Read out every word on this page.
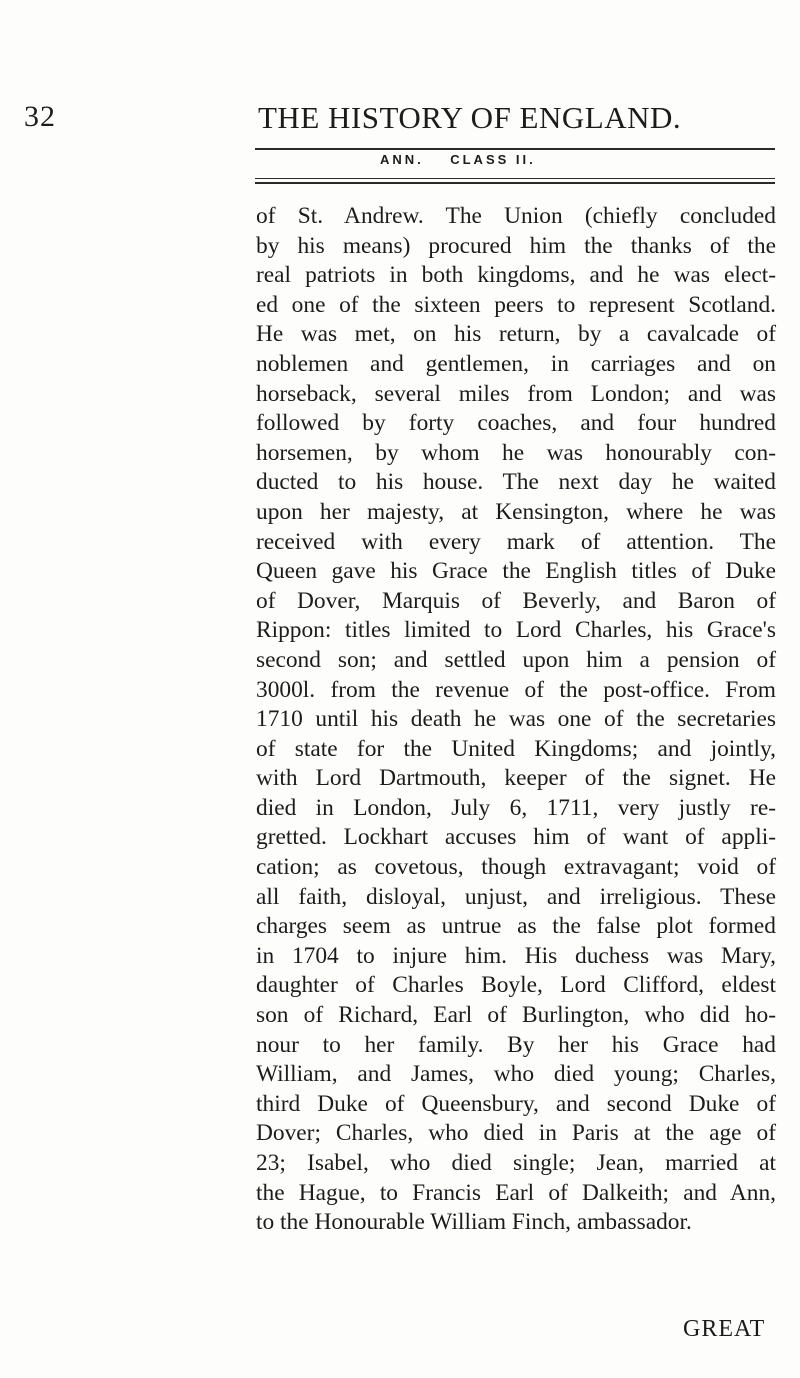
32	THE HISTORY OF ENGLAND.
ANN.    CLASS II.
of St. Andrew. The Union (chiefly concluded
by his means) procured him the thanks of the
real patriots in both kingdoms, and he was elect-
ed one of the sixteen peers to represent Scotland.
He was met, on his return, by a cavalcade of
noblemen and gentlemen, in carriages and on
horseback, several miles from London; and was
followed by forty coaches, and four hundred
horsemen, by whom he was honourably con-
ducted to his house. The next day he waited
upon her majesty, at Kensington, where he was
received with every mark of attention. The
Queen gave his Grace the English titles of Duke
of Dover, Marquis of Beverly, and Baron of
Rippon: titles limited to Lord Charles, his Grace's
second son; and settled upon him a pension of
3000l. from the revenue of the post-office. From
1710 until his death he was one of the secretaries
of state for the United Kingdoms; and jointly,
with Lord Dartmouth, keeper of the signet. He
died in London, July 6, 1711, very justly re-
gretted. Lockhart accuses him of want of appli-
cation; as covetous, though extravagant; void of
all faith, disloyal, unjust, and irreligious. These
charges seem as untrue as the false plot formed
in 1704 to injure him. His duchess was Mary,
daughter of Charles Boyle, Lord Clifford, eldest
son of Richard, Earl of Burlington, who did ho-
nour to her family. By her his Grace had
William, and James, who died young; Charles,
third Duke of Queensbury, and second Duke of
Dover; Charles, who died in Paris at the age of
23; Isabel, who died single; Jean, married at
the Hague, to Francis Earl of Dalkeith; and Ann,
to the Honourable William Finch, ambassador.
GREAT
